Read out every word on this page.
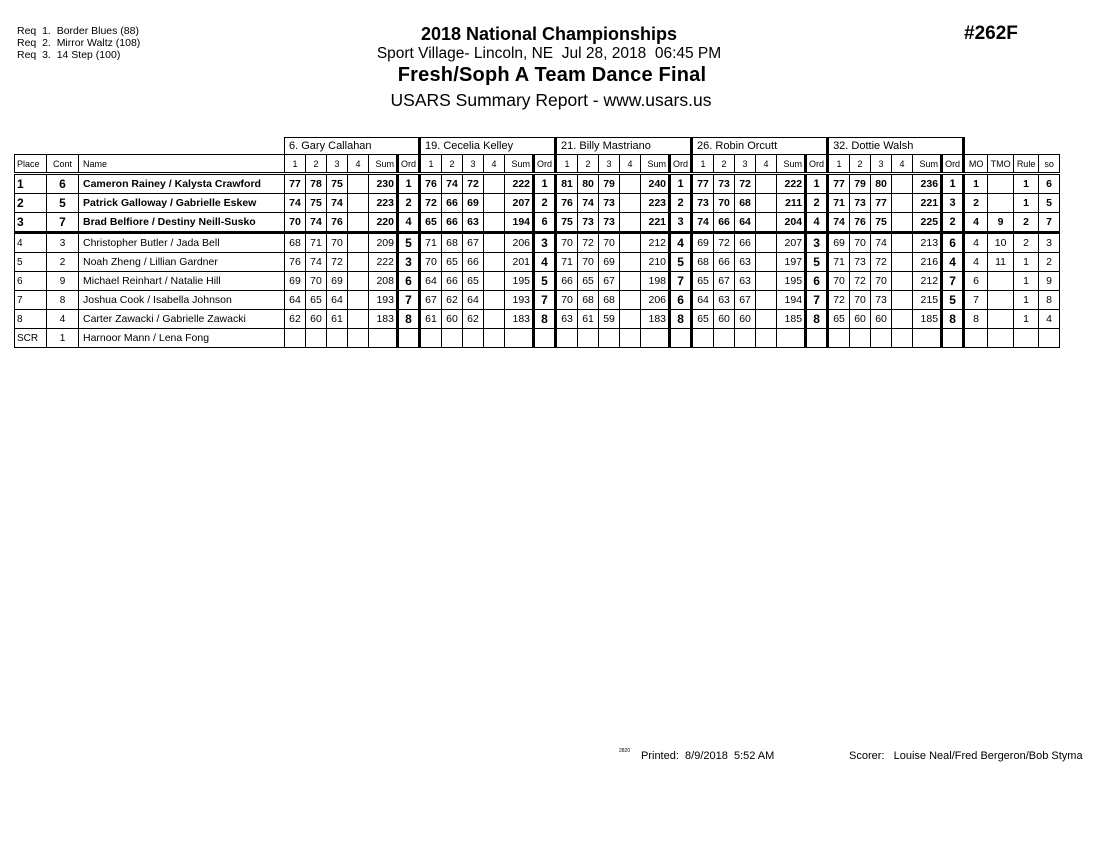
Req  1.  Border Blues (88)
Req  2.  Mirror Waltz (108)
Req  3.  14 Step (100)
2018 National Championships
Sport Village- Lincoln, NE  Jul 28, 2018  06:45 PM
Fresh/Soph A Team Dance Final
USARS Summary Report - www.usars.us
#262F
			6. Gary Callahan						19. Cecelia Kelley						21. Billy Mastriano						26. Robin Orcutt						32. Dottie Walsh									
Place	Cont	Name	1	2	3	4	Sum	Ord	1	2	3	4	Sum	Ord	1	2	3	4	Sum	Ord	1	2	3	4	Sum	Ord	1	2	3	4	Sum	Ord	MO	TMO	Rule	so
1	6	Cameron Rainey / Kalysta Crawford	77	78	75		230	1	76	74	72		222	1	81	80	79		240	1	77	73	72		222	1	77	79	80		236	1	1		1	6
2	5	Patrick Galloway / Gabrielle Eskew	74	75	74		223	2	72	66	69		207	2	76	74	73		223	2	73	70	68		211	2	71	73	77		221	3	2		1	5
3	7	Brad Belfiore / Destiny Neill-Susko	70	74	76		220	4	65	66	63		194	6	75	73	73		221	3	74	66	64		204	4	74	76	75		225	2	4	9	2	7
4	3	Christopher Butler / Jada Bell	68	71	70		209	5	71	68	67		206	3	70	72	70		212	4	69	72	66		207	3	69	70	74		213	6	4	10	2	3
5	2	Noah Zheng / Lillian Gardner	76	74	72		222	3	70	65	66		201	4	71	70	69		210	5	68	66	63		197	5	71	73	72		216	4	4	11	1	2
6	9	Michael Reinhart / Natalie Hill	69	70	69		208	6	64	66	65		195	5	66	65	67		198	7	65	67	63		195	6	70	72	70		212	7	6		1	9
7	8	Joshua Cook / Isabella Johnson	64	65	64		193	7	67	62	64		193	7	70	68	68		206	6	64	63	67		194	7	72	70	73		215	5	7		1	8
8	4	Carter Zawacki / Gabrielle Zawacki	62	60	61		183	8	61	60	62		183	8	63	61	59		183	8	65	60	60		185	8	65	60	60		185	8	8		1	4
SCR	1	Harnoor Mann / Lena Fong																																		
2820 Printed:  8/9/2018  5:52 AM	Scorer:   Louise Neal/Fred Bergeron/Bob Styma
